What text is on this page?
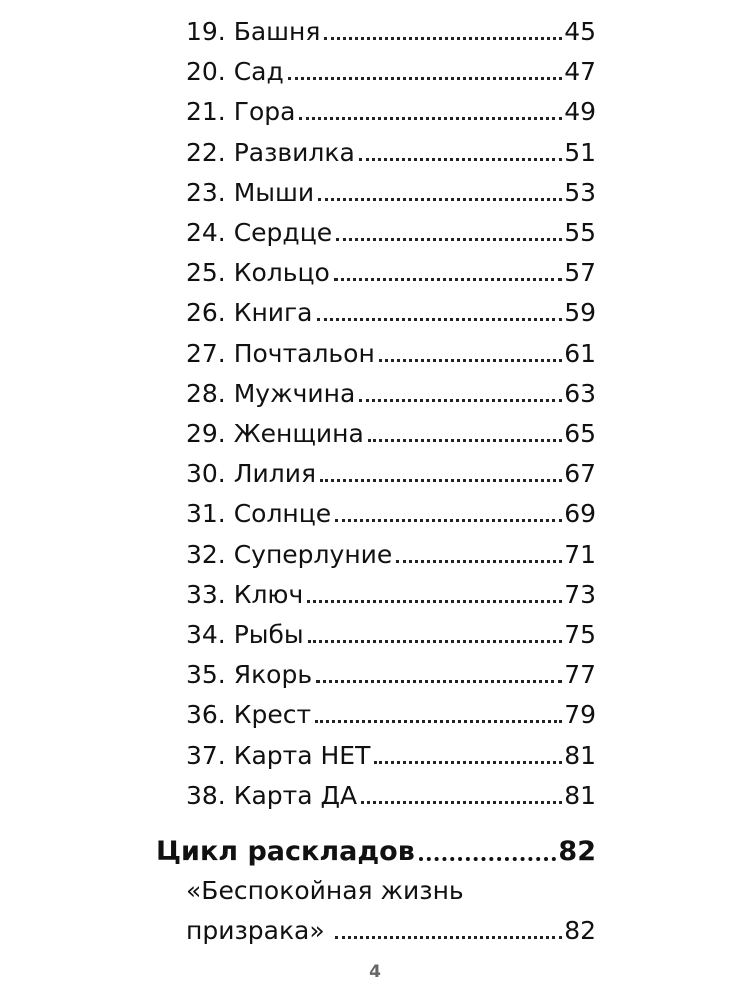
19. Башня	45
20. Сад	47
21. Гора	49
22. Развилка	51
23. Мыши	53
24. Сердце	55
25. Кольцо	57
26. Книга	59
27. Почтальон	61
28. Мужчина	63
29. Женщина	65
30. Лилия	67
31. Солнце	69
32. Суперлуние	71
33. Ключ	73
34. Рыбы	75
35. Якорь	77
36. Крест	79
37. Карта НЕТ	81
38. Карта ДА	81
Цикл раскладов	82
«Беспокойная жизнь
призрака»	82
4
